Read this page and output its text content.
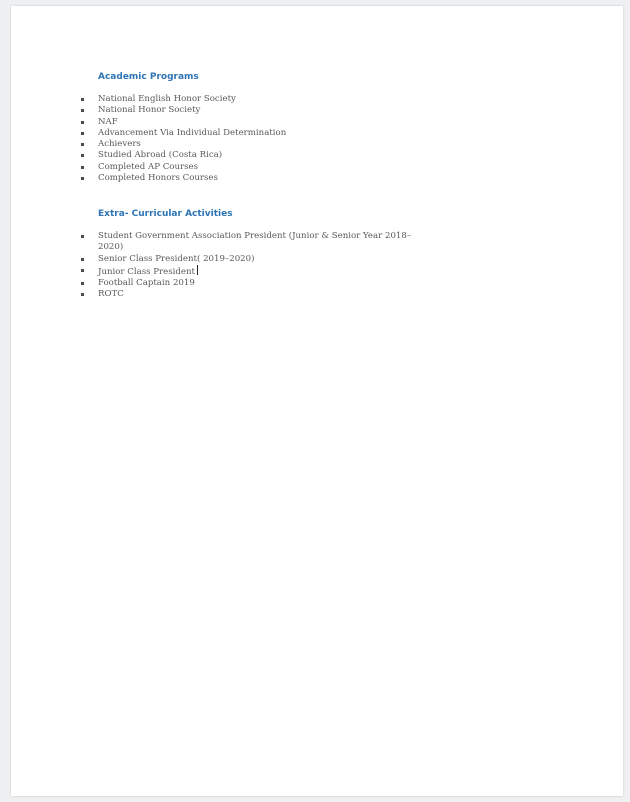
Academic Programs
National English Honor Society
National Honor Society
NAF
Advancement Via Individual Determination
Achievers
Studied Abroad (Costa Rica)
Completed AP Courses
Completed Honors Courses
Extra- Curricular Activities
Student Government Association President (Junior & Senior Year 2018–2020)
Senior Class President( 2019–2020)
Junior Class President
Football Captain 2019
ROTC
